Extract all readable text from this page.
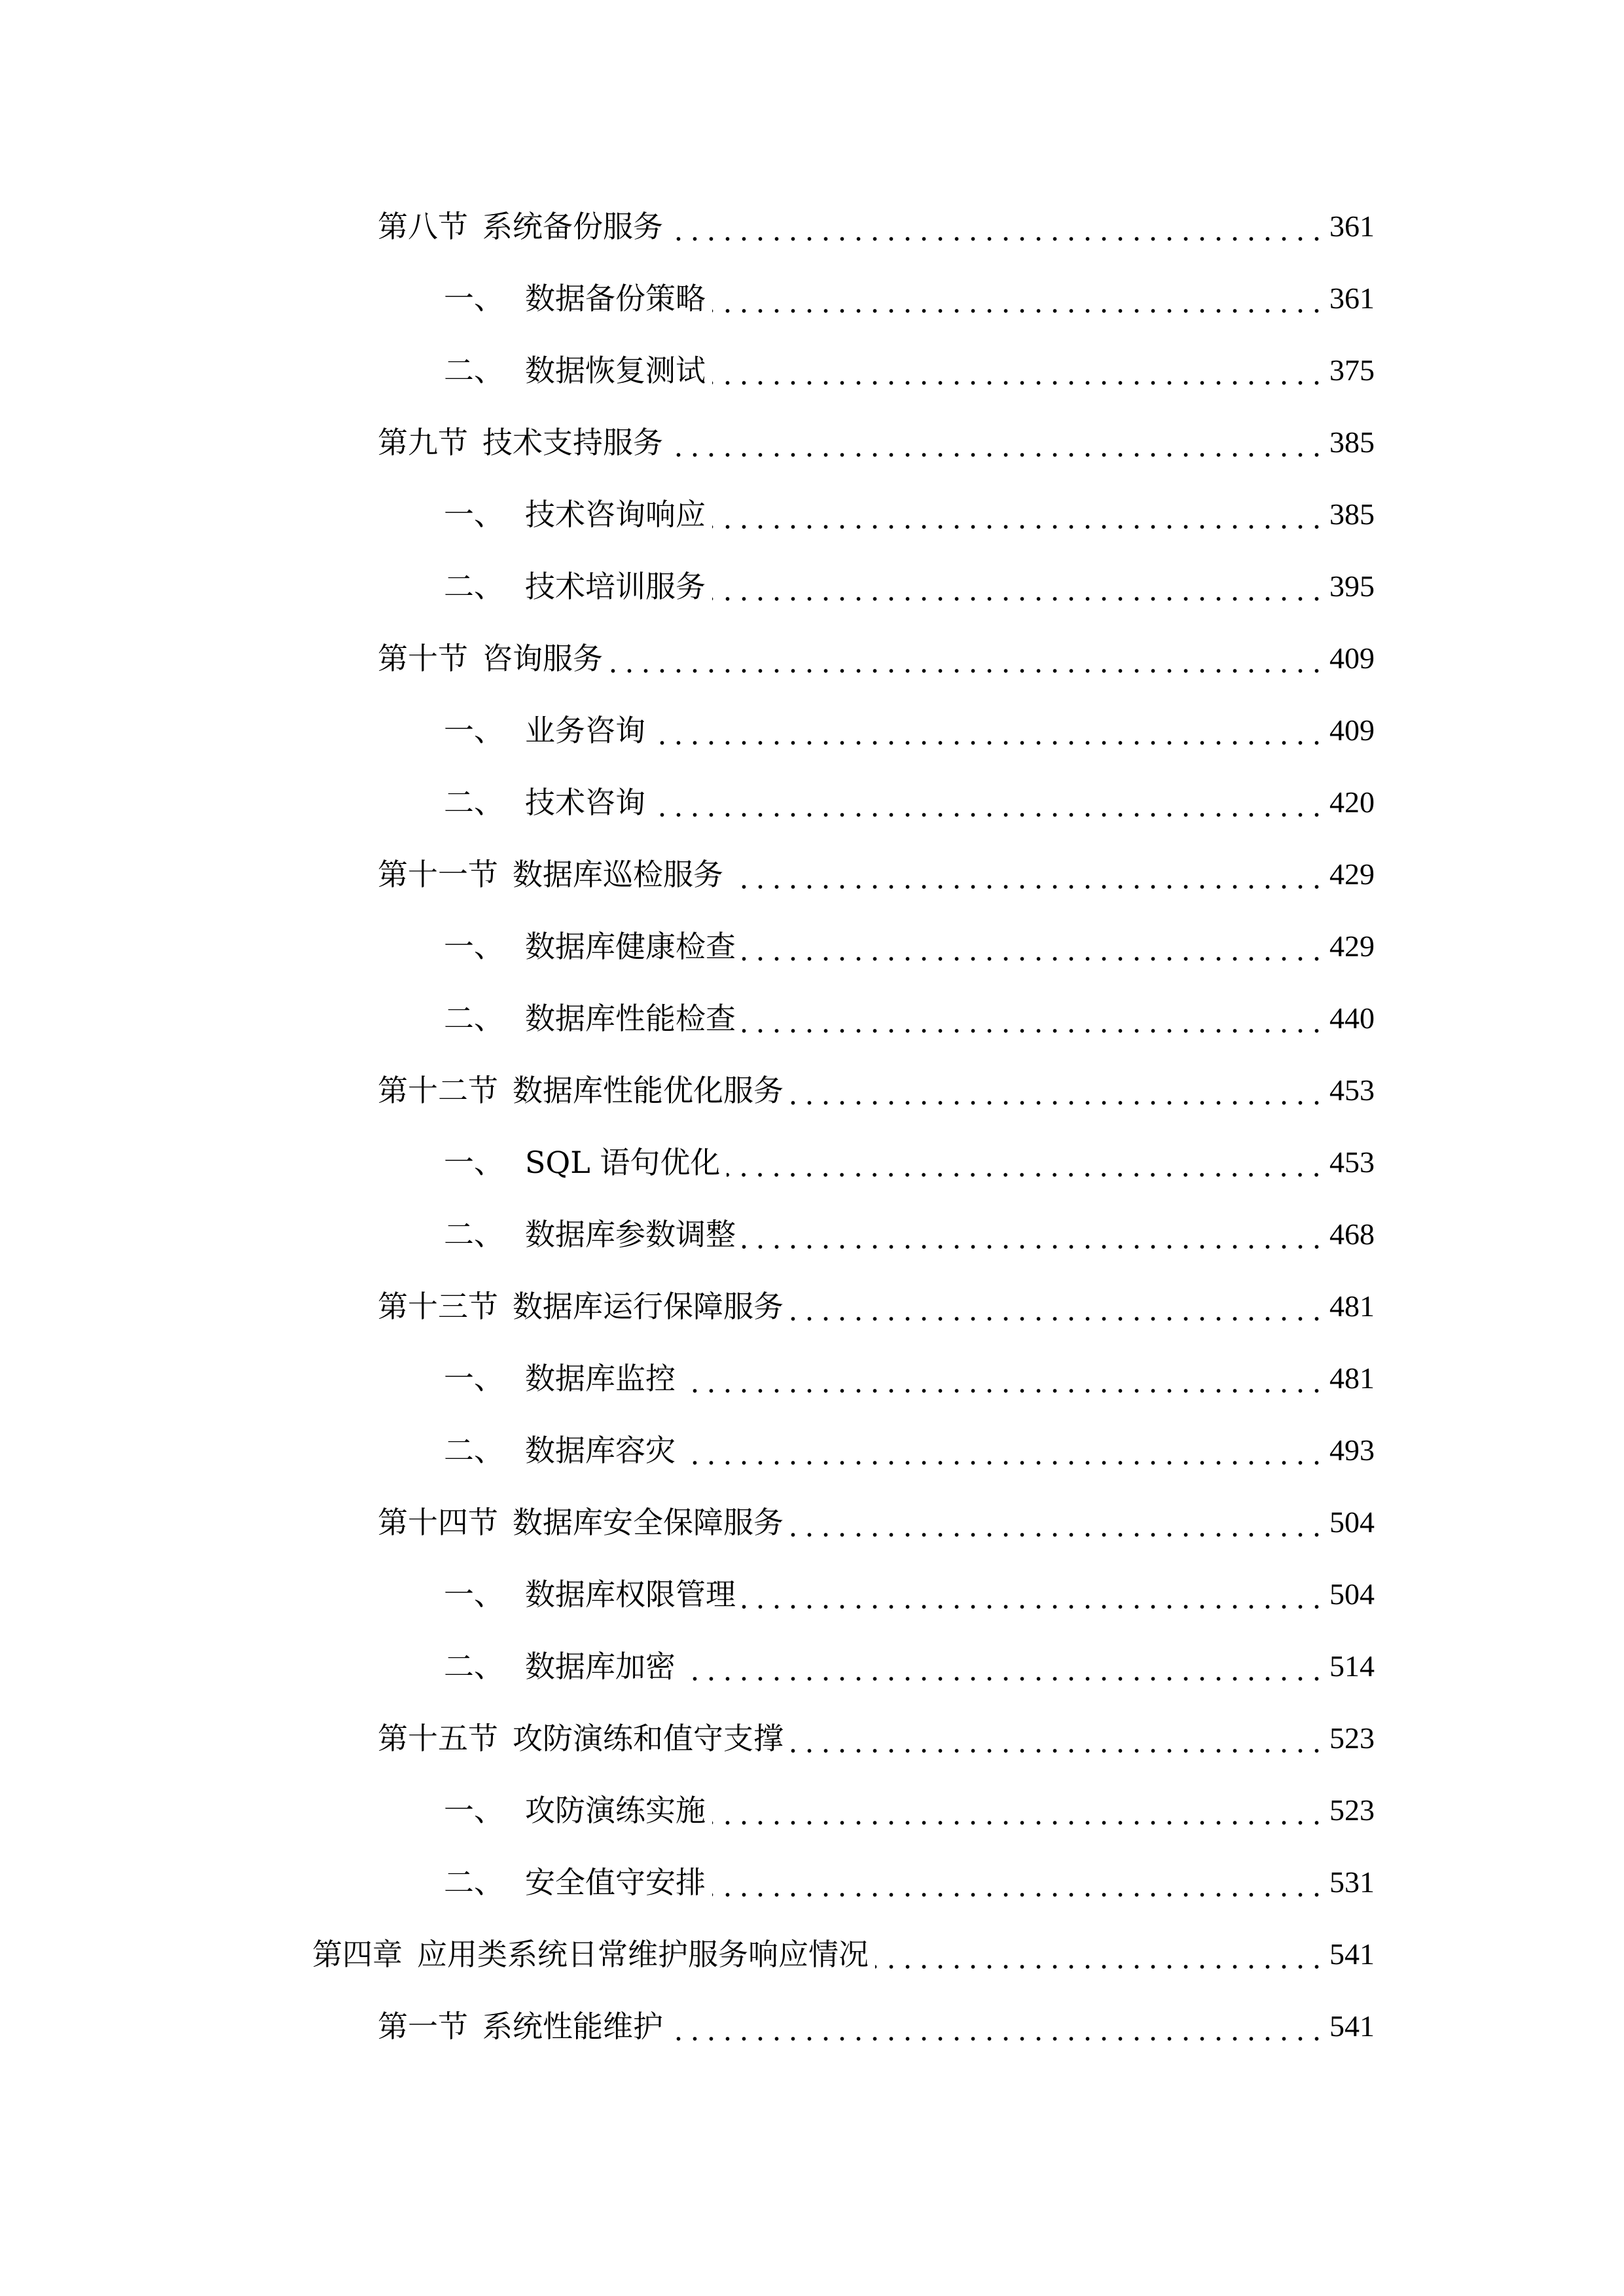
第八节 系统备份服务	361
一、 数据备份策略	361
二、 数据恢复测试	375
第九节 技术支持服务	385
一、 技术咨询响应	385
二、 技术培训服务	395
第十节 咨询服务	409
一、 业务咨询	409
二、 技术咨询	420
第十一节 数据库巡检服务	429
一、 数据库健康检查	429
二、 数据库性能检查	440
第十二节 数据库性能优化服务	453
一、 SQL 语句优化	453
二、 数据库参数调整	468
第十三节 数据库运行保障服务	481
一、 数据库监控	481
二、 数据库容灾	493
第十四节 数据库安全保障服务	504
一、 数据库权限管理	504
二、 数据库加密	514
第十五节 攻防演练和值守支撑	523
一、 攻防演练实施	523
二、 安全值守安排	531
第四章 应用类系统日常维护服务响应情况	541
第一节 系统性能维护	541
